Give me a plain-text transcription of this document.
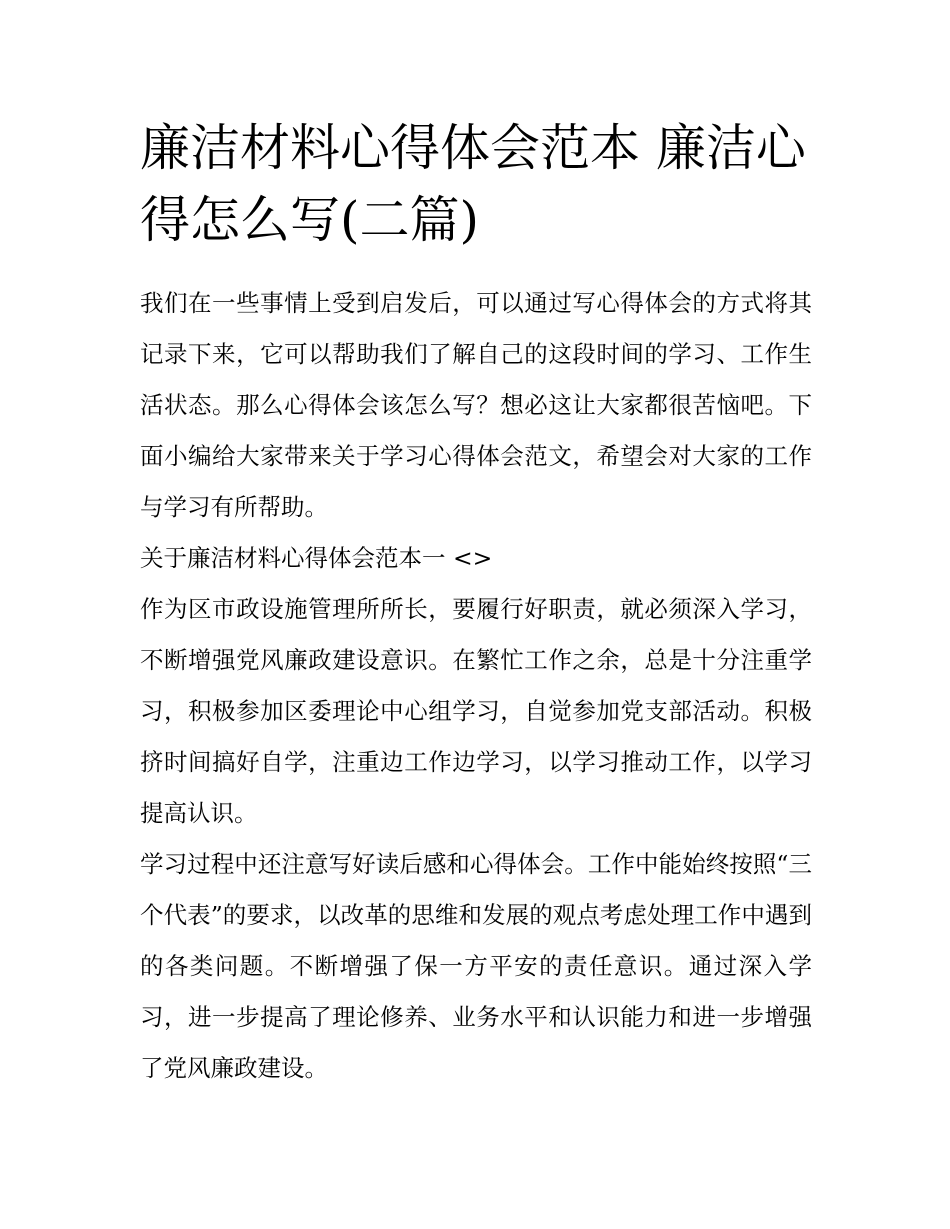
廉洁材料心得体会范本 廉洁心得怎么写(二篇)

我们在一些事情上受到启发后，可以通过写心得体会的方式将其记录下来，它可以帮助我们了解自己的这段时间的学习、工作生活状态。那么心得体会该怎么写？想必这让大家都很苦恼吧。下面小编给大家带来关于学习心得体会范文，希望会对大家的工作与学习有所帮助。

关于廉洁材料心得体会范本一 <>

作为区市政设施管理所所长，要履行好职责，就必须深入学习，不断增强党风廉政建设意识。在繁忙工作之余，总是十分注重学习，积极参加区委理论中心组学习，自觉参加党支部活动。积极挤时间搞好自学，注重边工作边学习，以学习推动工作，以学习提高认识。

学习过程中还注意写好读后感和心得体会。工作中能始终按照“三个代表”的要求，以改革的思维和发展的观点考虑处理工作中遇到的各类问题。不断增强了保一方平安的责任意识。通过深入学习，进一步提高了理论修养、业务水平和认识能力和进一步增强了党风廉政建设。
